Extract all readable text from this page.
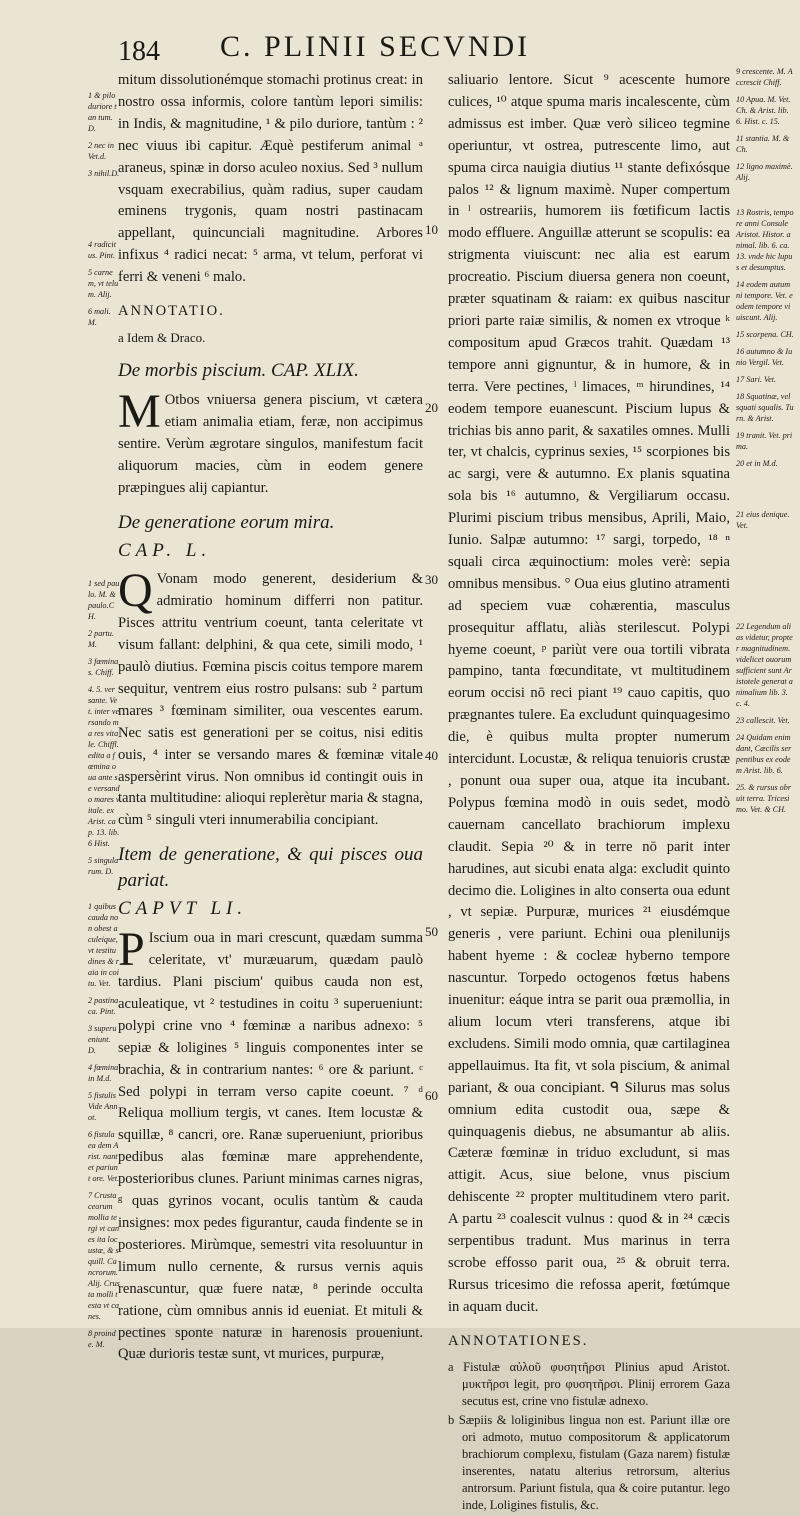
184 C. PLINII SECVNDI
1 & pilo duriore tan tum.D.
2 nec in Vet.d.
3 nihil.D.
4 radicitus. Pint.
5 carnem, vt telum. Alij.
6 mali. M.
1 sed paulo. M. & paulo.CH.
2 partu. M.
3 fœminas. Chiff.
4. 5. ver sante. Vet. inter versando ma res vitale. Chiffl. edita a fœmina oua ante se versando mares vitale. ex Arist. cap. 13. lib. 6 Hist.
5 singularum. D.
1 quibus cauda non obest aculeique, vt testitudines & raia in coitu. Vet.
2 pastinaca. Pint.
3 superueniunt. D.
4 fœmina in M.d.
5 fistulis Vide Annot.
6 fistula ea dem Arist. nant et pariunt ore. Vet.
7 Crustaceorum mollia tergi vt canes ita locustæ, & squill. Cancrorum. Alij. Crusta molli testa vt canes.
8 proinde. M.

mitum dissolutionémque stomachi protinus creat: in nostro ossa informis, colore tantùm lepori similis: in Indis, & magnitudine, ¹ & pilo duriore, tantùm : ² nec viuus ibi capitur. Æquè pestiferum animal ᵃ araneus, spinæ in dorso aculeo noxius. Sed ³ nullum vsquam execrabilius, quàm radius, super caudam eminens trygonis, quam nostri pastinacam appellant, quincunciali magnitudine. Arbores infixus ⁴ radici necat: ⁵ arma, vt telum, perforat vi ferri & veneni ⁶ malo.

ANNOTATIO.

a Idem & Draco.

De morbis piscium. CAP. XLIX.

M Otbos vniuersa genera piscium, vt cætera etiam animalia etiam, feræ, non accipimus sentire. Verùm ægrotare singulos, manifestum facit aliquorum macies, cùm in eodem genere præpingues alij capiantur.

De generatione eorum mira.

CAP. L.

Q Vonam modo generent, desiderium & admiratio hominum differri non patitur. Pisces attritu ventrium coeunt, tanta celeritate vt visum fallant: delphini, & qua cete, simili modo, ¹ paulò diutius. Fœmina piscis coitus tempore marem sequitur, ventrem eius rostro pulsans: sub ² partum mares ³ fœminam similiter, oua vescentes earum. Nec satis est generationi per se coitus, nisi editis ouis, ⁴ inter se versando mares & fœminæ vitale aspersèrint virus. Non omnibus id contingit ouis in tanta multitudine: alioqui replerètur maria & stagna, cùm ⁵ singuli vteri innumerabilia concipiant.

Item de generatione, & qui pisces oua pariat.

CAPVT LI.

P Iscium oua in mari crescunt, quædam summa celeritate, vt' muræuarum, quædam paulò tardius. Plani piscium' quibus cauda non est, aculeatique, vt ² testudines in coitu ³ superueniunt: polypi crine vno ⁴ fœminæ a naribus adnexo: ⁵ sepiæ & loligines ⁵ linguis componentes inter se brachia, & in contrarium nantes: ⁶ ore & pariunt. ᶜ Sed polypi in terram verso capite coeunt. ⁷ ᵈ Reliqua mollium tergis, vt canes. Item locustæ & squillæ, ⁸ cancri, ore. Ranæ superueniunt, prioribus pedibus alas fœminæ mare apprehendente, posterioribus clunes. Pariunt minimas carnes nigras, ᵍ quas gyrinos vocant, oculis tantùm & cauda insignes: mox pedes figurantur, cauda findente se in posteriores. Mirùmque, semestri vita resoluuntur in limum nullo cernente, & rursus vernis aquis renascuntur, quæ fuere natæ, ⁸ perinde occulta ratione, cùm omnibus annis id eueniat. Et mituli & pectines sponte naturæ in harenosis proueniunt. Quæ durioris testæ sunt, vt murices, purpuræ,

10
20
30
40
50
60

saliuario lentore. Sicut ⁹ acescente humore culices, ¹⁰ atque spuma maris incalescente, cùm admissus est imber. Quæ verò siliceo tegmine operiuntur, vt ostrea, putrescente limo, aut spuma circa nauigia diutius ¹¹ stante defixósque palos ¹² & lignum maximè. Nuper compertum in ˡ ostreariis, humorem iis fœtificum lactis modo effluere. Anguillæ atterunt se scopulis: ea strigmenta viuiscunt: nec alia est earum procreatio. Piscium diuersa genera non coeunt, præter squatinam & raiam: ex quibus nascitur priori parte raiæ similis, & nomen ex vtroque ᵏ compositum apud Græcos trahit. Quædam ¹³ tempore anni gignuntur, & in humore, & in terra. Vere pectines, ˡ limaces, ᵐ hirundines, ¹⁴ eodem tempore euanescunt. Piscium lupus & trichias bis anno parit, & saxatiles omnes. Mulli ter, vt chalcis, cyprinus sexies, ¹⁵ scorpiones bis ac sargi, vere & autumno. Ex planis squatina sola bis ¹⁶ autumno, & Vergiliarum occasu. Plurimi piscium tribus mensibus, Aprili, Maio, Iunio. Salpæ autumno: ¹⁷ sargi, torpedo, ¹⁸ ⁿ squali circa æquinoctium: moles verè: sepia omnibus mensibus. ° Oua eius glutino atramenti ad speciem vuæ cohærentia, masculus prosequitur afflatu, aliàs sterilescut. Polypi hyeme coeunt, ᵖ pariùt vere oua tortili vibrata pampino, tanta fœcunditate, vt multitudinem eorum occisi nō reci piant ¹⁹ cauo capitis, quo prægnantes tulere. Ea excludunt quinquagesimo die, è quibus multa propter numerum intercidunt. Locustæ, & reliqua tenuioris crustæ , ponunt oua super oua, atque ita incubant. Polypus fœmina modò in ouis sedet, modò cauernam cancellato brachiorum implexu claudit. Sepia ²⁰ & in terre nō parit inter harudines, aut sicubi enata alga: excludit quinto decimo die. Loligines in alto conserta oua edunt , vt sepiæ. Purpuræ, murices ²¹ eiusdémque generis , vere pariunt. Echini oua plenilunijs habent hyeme : & cocleæ hyberno tempore nascuntur. Torpedo octogenos fœtus habens inuenitur: eáque intra se parit oua præmollia, in alium locum vteri transferens, atque ibi excludens. Simili modo omnia, quæ cartilaginea appellauimus. Ita fit, vt sola piscium, & animal pariant, & oua concipiant. ᑫ Silurus mas solus omnium edita custodit oua, sæpe & quinquagenis diebus, ne absumantur ab aliis. Cæteræ fœminæ in triduo excludunt, si mas attigit. Acus, siue belone, vnus piscium dehiscente ²² propter multitudinem vtero parit. A partu ²³ coalescit vulnus : quod & in ²⁴ cæcis serpentibus tradunt. Mus marinus in terra scrobe effosso parit oua, ²⁵ & obruit terra. Rursus tricesimo die refossa aperit, fœtúmque in aquam ducit.

ANNOTATIONES.

a Fistulæ αὐλοῦ φυσητῆρσι Plinius apud Aristot. μυκτῆρσι legit, pro φυσητῆρσι. Plinij errorem Gaza secutus est, crine vno fistulæ adnexo.

b Sæpiis & loliginibus lingua non est. Pariunt illæ ore ori admoto, mutuo compositorum & applicatorum brachiorum complexu, fistulam (Gaza narem) fistulæ inserentes, natatu alterius retrorsum, alterius antrorsum. Pariunt fistula, qua & coire putantur. lego inde, Loligines fistulis, &c.

9 crescente. M. Accrescit Chiff.
10 Apua. M. Vet. Ch. & Arist. lib. 6. Hist. c. 15.
11 stantia. M. & Ch.
12 ligno maximè. Alij.
13 Rostris, tempore anni Consule Aristot. Histor. animal. lib. 6. ca. 13. vnde hic lupus et desumptus.
14 eodem autumni tempore. Vet. eodem tempore viuiscunt. Alij.
15 scorpena. CH.
16 autumno & Iunio Vergil. Vet.
17 Sari. Vet.
18 Squatinæ, vel squati squalis. Turn. & Arist.
19 tranit. Vet. prima.
20 et in M.d.
21 eius denique. Vet.
22 Legendum alias videtur, propter magnitudinem. videlicet ouorum sufficient sunt Aristotele generat animalium lib. 3. c. 4.
23 callescit. Vet.
24 Quidam enim dant, Cæcilis serpentibus ex eodem Arist. lib. 6.
25. & rursus obruit terra. Tricesimo. Vet. & CH.
